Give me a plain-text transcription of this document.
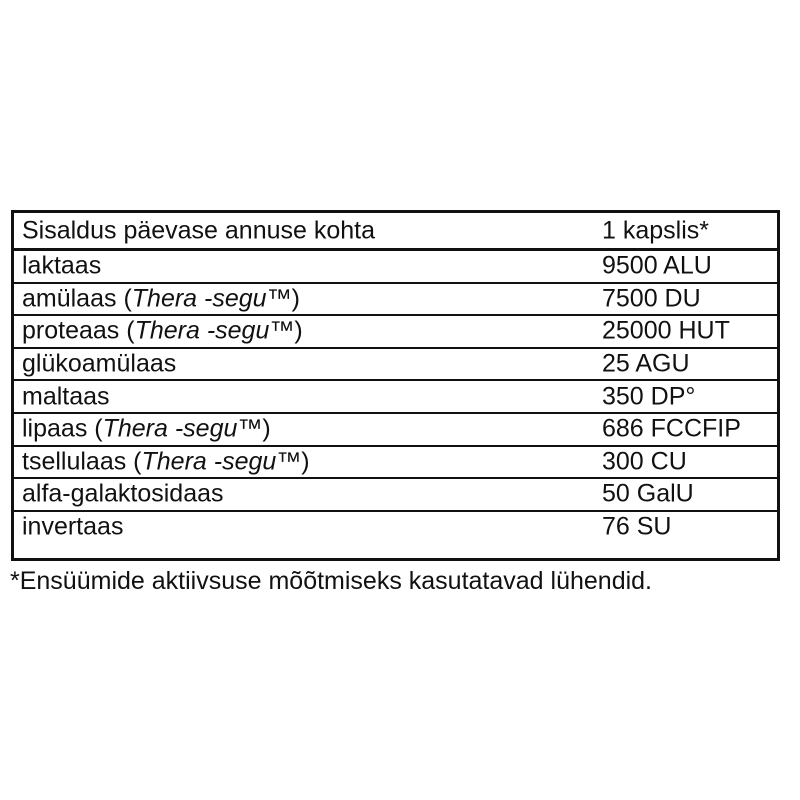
Sisaldus päevase annuse kohta	1 kapslis*
laktaas	9500 ALU
amülaas (Thera -segu™)	7500 DU
proteaas (Thera -segu™)	25000 HUT
glükoamülaas	25 AGU
maltaas	350 DP°
lipaas (Thera -segu™)	686 FCCFIP
tsellulaas (Thera -segu™)	300 CU
alfa-galaktosidaas	50 GalU
invertaas	76 SU
*Ensüümide aktiivsuse mõõtmiseks kasutatavad lühendid.
